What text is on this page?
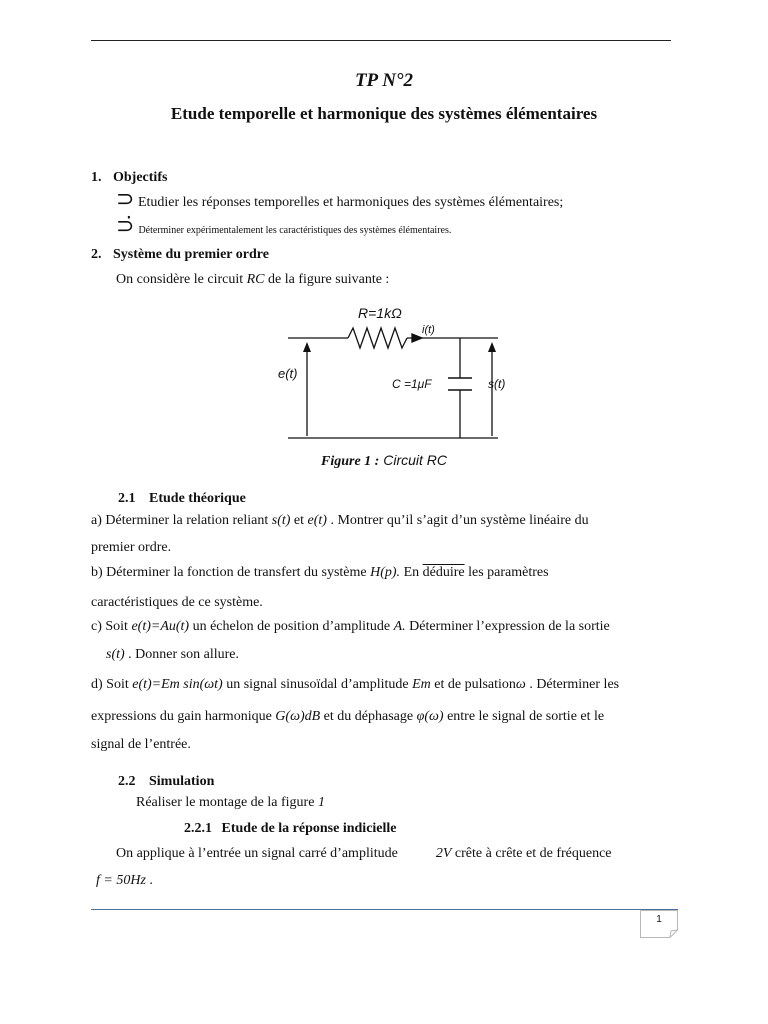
TP N°2
Etude temporelle et harmonique des systèmes élémentaires
1. Objectifs
⊃ Etudier les réponses temporelles et harmoniques des systèmes élémentaires;
⊃̇ Déterminer expérimentalement les caractéristiques des systèmes élémentaires.
2. Système du premier ordre
On considère le circuit RC de la figure suivante :
R=1kΩ
i(t)
e(t)
C =1μF	s(t)
Figure 1 : Circuit RC
2.1 Etude théorique
a) Déterminer la relation reliant s(t) et e(t) . Montrer qu’il s’agit d’un système linéaire du
premier ordre.
b) Déterminer la fonction de transfert du système H(p). En déduire les paramètres
caractéristiques de ce système.
c) Soit e(t)=Au(t) un échelon de position d’amplitude A. Déterminer l’expression de la sortie
s(t) . Donner son allure.
d) Soit e(t)=Em sin(ωt) un signal sinusoïdal d’amplitude Em et de pulsationω . Déterminer les
expressions du gain harmonique G(ω)dB et du déphasage φ(ω) entre le signal de sortie et le
signal de l’entrée.
2.2 Simulation
Réaliser le montage de la figure 1
2.2.1 Etude de la réponse indicielle
On applique à l’entrée un signal carré d’amplitude	2V crête à crête et de fréquence
f = 50Hz .
1
